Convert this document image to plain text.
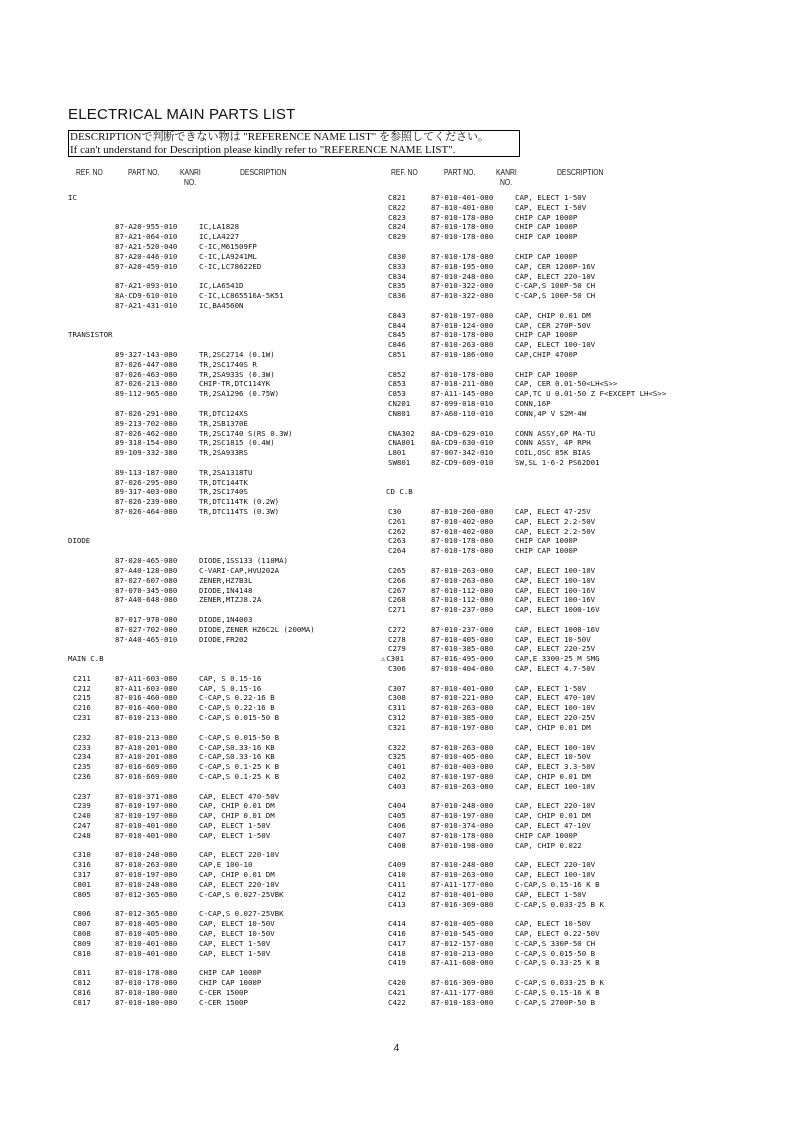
ELECTRICAL MAIN PARTS LIST
DESCRIPTIONで判断できない物は "REFERENCE NAME LIST" を参照してください。
If can't understand for Description please kindly refer to "REFERENCE NAME LIST".
REF. NO	PART NO.	KANRI
NO.
DESCRIPTION	REF. NO	PART NO.	KANRI
NO.
DESCRIPTION
IC
87-A20-955-010	IC,LA1828
87-A21-064-010	IC,LA4227
87-A21-520-040	C-IC,M61509FP
87-A20-446-010	C-IC,LA9241ML
87-A20-459-010	C-IC,LC78622ED
87-A21-093-010	IC,LA6541D
8A-CD9-610-010	C-IC,LC865516A-5K51
87-A21-431-010	IC,BA4560N
TRANSISTOR
89-327-143-080	TR,2SC2714 (0.1W)
87-026-447-080	TR,2SC1740S R
87-026-463-080	TR,2SA933S (0.3W)
87-026-213-080	CHIP-TR,DTC114YK
89-112-965-080	TR,2SA1296 (0.75W)
87-026-291-080	TR,DTC124XS
89-213-702-080	TR,2SB1370E
87-026-462-080	TR,2SC1740 S(RS 0.3W)
89-318-154-080	TR,2SC1815 (0.4W)
89-109-332-380	TR,2SA933RS
89-113-187-080	TR,2SA1318TU
87-026-295-080	TR,DTC144TK
89-317-403-080	TR,2SC1740S
87-026-239-080	TR,DTC114TK (0.2W)
87-026-464-080	TR,DTC114TS (0.3W)
DIODE
87-020-465-080	DIODE,1SS133 (110MA)
87-A40-128-080	C-VARI-CAP,HVU202A
87-027-607-080	ZENER,HZ7B3L
87-070-345-080	DIODE,IN4148
87-A40-648-080	ZENER,MTZJ8.2A
87-017-978-080	DIODE,1N4003
87-027-702-080	DIODE,ZENER HZ6C2L (200MA)
87-A40-465-010	DIODE,FR202
MAIN C.B
C211	87-A11-603-080	CAP, S 0.15-16
C212	87-A11-603-080	CAP, S 0.15-16
C215	87-016-460-080	C-CAP,S 0.22-16 B
C216	87-016-460-080	C-CAP,S 0.22-16 B
C231	87-010-213-080	C-CAP,S 0.015-50 B
C232	87-010-213-080	C-CAP,S 0.015-50 B
C233	87-A10-201-080	C-CAP,S0.33-16 KB
C234	87-A10-201-080	C-CAP,S0.33-16 KB
C235	87-016-669-080	C-CAP,S 0.1-25 K B
C236	87-016-669-080	C-CAP,S 0.1-25 K B
C237	87-010-371-080	CAP, ELECT 470-50V
C239	87-010-197-080	CAP, CHIP 0.01 DM
C240	87-010-197-080	CAP, CHIP 0.01 DM
C247	87-010-401-080	CAP, ELECT 1-50V
C248	87-010-401-080	CAP, ELECT 1-50V
C310	87-010-248-080	CAP, ELECT 220-10V
C316	87-010-263-080	CAP,E 100-10
C317	87-010-197-080	CAP, CHIP 0.01 DM
C801	87-010-248-080	CAP, ELECT 220-10V
C805	87-012-365-080	C-CAP,S 0.027-25VBK
C806	87-012-365-080	C-CAP,S 0.027-25VBK
C807	87-010-405-080	CAP, ELECT 10-50V
C808	87-010-405-080	CAP, ELECT 10-50V
C809	87-010-401-080	CAP, ELECT 1-50V
C810	87-010-401-080	CAP, ELECT 1-50V
C811	87-010-178-080	CHIP CAP 1000P
C812	87-010-178-080	CHIP CAP 1000P
C816	87-010-180-080	C-CER 1500P
C817	87-010-180-080	C-CER 1500P
C821	87-010-401-080	CAP, ELECT 1-50V
C822	87-010-401-080	CAP, ELECT 1-50V
C823	87-010-178-080	CHIP CAP 1000P
C824	87-010-178-080	CHIP CAP 1000P
C829	87-010-178-080	CHIP CAP 1000P
C830	87-010-178-080	CHIP CAP 1000P
C833	87-018-195-080	CAP, CER 1200P-16V
C834	87-010-248-080	CAP, ELECT 220-10V
C835	87-010-322-080	C-CAP,S 100P-50 CH
C836	87-010-322-080	C-CAP,S 100P-50 CH
C843	87-010-197-080	CAP, CHIP 0.01 DM
C844	87-018-124-080	CAP, CER 270P-50V
C845	87-010-178-080	CHIP CAP 1000P
C846	87-010-263-080	CAP, ELECT 100-10V
C851	87-010-186-080	CAP,CHIP 4700P
C852	87-010-178-080	CHIP CAP 1000P
C853	87-018-211-080	CAP, CER 0.01-50<LH<S>>
C853	87-A11-145-080	CAP,TC U 0.01-50 Z F<EXCEPT LH<S>>
CN201	87-099-018-010	CONN,16P
CN801	87-A60-110-010	CONN,4P V S2M-4W
CNA302 8A-CD9-629-010	CONN ASSY,6P MA-TU
CNA801 8A-CD9-630-010	CONN ASSY, 4P RPH
L801	87-007-342-010	COIL,OSC 85K BIAS
SW801	8Z-CD9-609-010	SW,SL 1-6-2 PS62D01
CD C.B
C30	87-010-260-080	CAP, ELECT 47-25V
C261	87-010-402-080	CAP, ELECT 2.2-50V
C262	87-010-402-080	CAP, ELECT 2.2-50V
C263	87-010-178-080	CHIP CAP 1000P
C264	87-010-178-080	CHIP CAP 1000P
C265	87-010-263-080	CAP, ELECT 100-10V
C266	87-010-263-080	CAP, ELECT 100-10V
C267	87-010-112-080	CAP, ELECT 100-16V
C268	87-010-112-080	CAP, ELECT 100-16V
C271	87-010-237-080	CAP, ELECT 1000-16V
C272	87-010-237-080	CAP, ELECT 1000-16V
C278	87-010-405-080	CAP, ELECT 10-50V
C279	87-010-385-080	CAP, ELECT 220-25V
⚠C301	87-016-495-000	CAP,E 3300-25 M SMG
C306	87-010-404-080	CAP, ELECT 4.7-50V
C307	87-010-401-080	CAP, ELECT 1-50V
C308	87-010-221-080	CAP, ELECT 470-10V
C311	87-010-263-080	CAP, ELECT 100-10V
C312	87-010-385-080	CAP, ELECT 220-25V
C321	87-010-197-080	CAP, CHIP 0.01 DM
C322	87-010-263-080	CAP, ELECT 100-10V
C325	87-010-405-080	CAP, ELECT 10-50V
C401	87-010-403-080	CAP, ELECT 3.3-50V
C402	87-010-197-080	CAP, CHIP 0.01 DM
C403	87-010-263-080	CAP, ELECT 100-10V
C404	87-010-248-080	CAP, ELECT 220-10V
C405	87-010-197-080	CAP, CHIP 0.01 DM
C406	87-010-374-080	CAP, ELECT 47-10V
C407	87-010-178-080	CHIP CAP 1000P
C408	87-010-198-080	CAP, CHIP 0.022
C409	87-010-248-080	CAP, ELECT 220-10V
C410	87-010-263-080	CAP, ELECT 100-10V
C411	87-A11-177-080	C-CAP,S 0.15-16 K B
C412	87-010-401-080	CAP, ELECT 1-50V
C413	87-016-369-080	C-CAP,S 0.033-25 B K
C414	87-010-405-080	CAP, ELECT 10-50V
C416	87-010-545-080	CAP, ELECT 0.22-50V
C417	87-012-157-080	C-CAP,S 330P-50 CH
C418	87-010-213-080	C-CAP,S 0.015-50 B
C419	87-A11-608-080	C-CAP,S 0.33-25 K B
C420	87-016-369-080	C-CAP,S 0.033-25 B K
C421	87-A11-177-080	C-CAP,S 0.15-16 K B
C422	87-010-183-080	C-CAP,S 2700P-50 B
4
